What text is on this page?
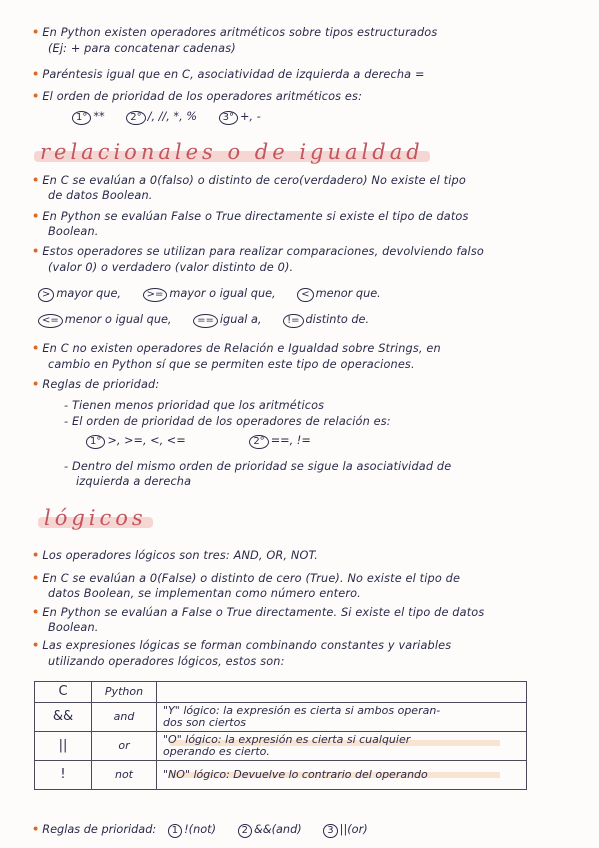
• En Python existen operadores aritméticos sobre tipos estructurados
(Ej: + para concatenar cadenas)
• Paréntesis igual que en C, asociatividad de izquierda a derecha =
• El orden de prioridad de los operadores aritméticos es:
1° **	2° /, //, *, %	3° +, -
relacionales o de igualdad
• En C se evalúan a 0(falso) o distinto de cero(verdadero) No existe el tipo
de datos Boolean.
• En Python se evalúan False o True directamente si existe el tipo de datos
Boolean.
• Estos operadores se utilizan para realizar comparaciones, devolviendo falso
(valor 0) o verdadero (valor distinto de 0).
> mayor que,	>= mayor o igual que,	< menor que.
<= menor o igual que,	== igual a,	!= distinto de.
• En C no existen operadores de Relación e Igualdad sobre Strings, en
cambio en Python sí que se permiten este tipo de operaciones.
• Reglas de prioridad:
- Tienen menos prioridad que los aritméticos
- El orden de prioridad de los operadores de relación es:
1° >, >=, <, <=	2° ==, !=
- Dentro del mismo orden de prioridad se sigue la asociatividad de
izquierda a derecha
lógicos
• Los operadores lógicos son tres: AND, OR, NOT.
• En C se evalúan a 0(False) o distinto de cero (True). No existe el tipo de
datos Boolean, se implementan como número entero.
• En Python se evalúan a False o True directamente. Si existe el tipo de datos
Boolean.
• Las expresiones lógicas se forman combinando constantes y variables
utilizando operadores lógicos, estos son:
C	Python	
&&	and	"Y" lógico: la expresión es cierta si ambos operan-
dos son ciertos

||	or	"O" lógico: la expresión es cierta si cualquier
operando es cierto.

!	not	"NO" lógico: Devuelve lo contrario del operando
• Reglas de prioridad: 1 !(not)	2 &&(and)	3 ||(or)
